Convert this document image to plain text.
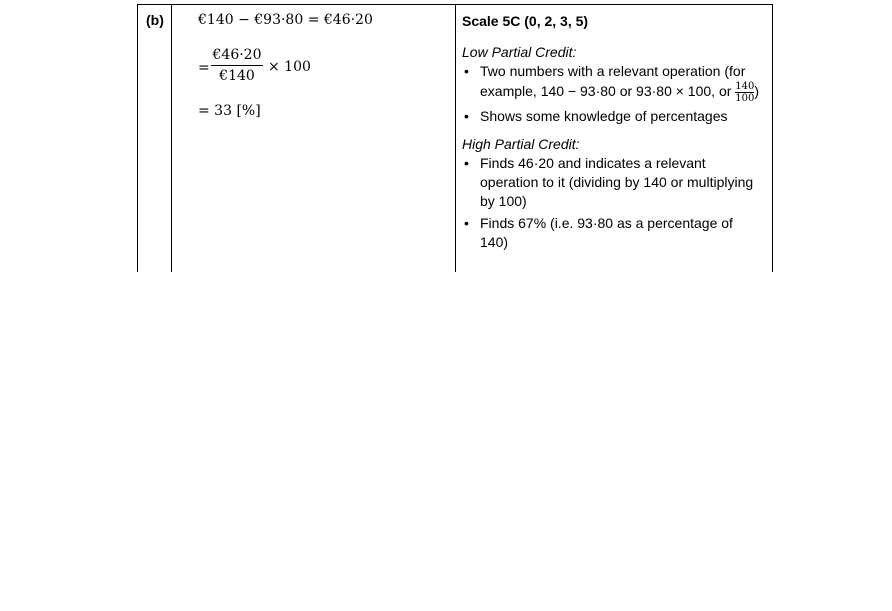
(b) €140 − €93·80 = €46·20
=
€46·20
€140
× 100
= 33 [%]
Scale 5C (0, 2, 3, 5)
Low Partial Credit:
• Two numbers with a relevant operation (for example, 140 − 93·80 or 93·80 × 100, or $\frac{140}{100}$ )
• Shows some knowledge of percentages
High Partial Credit:
• Finds 46·20 and indicates a relevant operation to it (dividing by 140 or multiplying by 100)
• Finds 67% (i.e. 93·80 as a percentage of 140)
